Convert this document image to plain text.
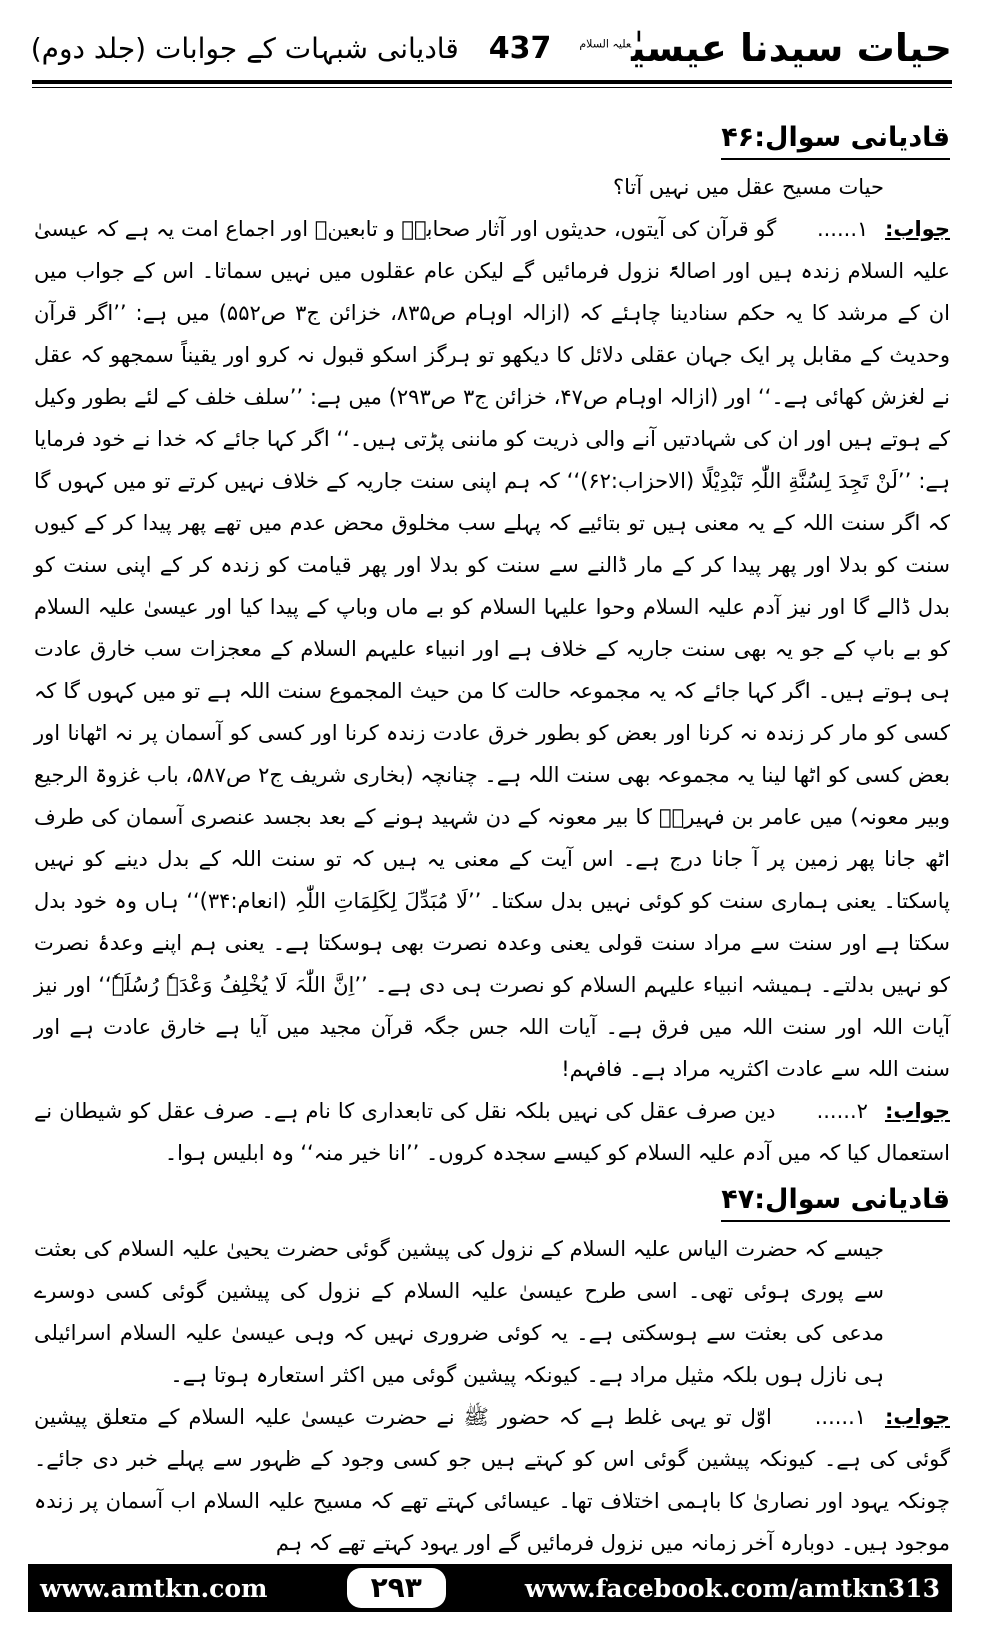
حیات سیدنا عیسیٰ$^{علیہ السلام}$
437
قادیانی شبہات کے جوابات (جلد دوم)
قادیانی سوال:۴۶

حیات مسیح عقل میں نہیں آتا؟

جواب: ۱...... گو قرآن کی آیتوں، حدیثوں اور آثار صحابہؓ و تابعینؒ اور اجماع امت یہ ہے کہ عیسیٰ علیہ السلام زندہ ہیں اور اصالۃً نزول فرمائیں گے لیکن عام عقلوں میں نہیں سماتا۔ اس کے جواب میں ان کے مرشد کا یہ حکم سنادینا چاہئے کہ (ازالہ اوہام ص۸۳۵، خزائن ج۳ ص۵۵۲) میں ہے: ’’اگر قرآن وحدیث کے مقابل پر ایک جہان عقلی دلائل کا دیکھو تو ہرگز اسکو قبول نہ کرو اور یقیناً سمجھو کہ عقل نے لغزش کھائی ہے۔‘‘ اور (ازالہ اوہام ص۴۷، خزائن ج۳ ص۲۹۳) میں ہے: ’’سلف خلف کے لئے بطور وکیل کے ہوتے ہیں اور ان کی شہادتیں آنے والی ذریت کو ماننی پڑتی ہیں۔‘‘ اگر کہا جائے کہ خدا نے خود فرمایا ہے: ’’لَنْ تَجِدَ لِسُنَّةِ اللّٰہِ تَبْدِیْلًا (الاحزاب:۶۲)‘‘ کہ ہم اپنی سنت جاریہ کے خلاف نہیں کرتے تو میں کہوں گا کہ اگر سنت اللہ کے یہ معنی ہیں تو بتائیے کہ پہلے سب مخلوق محض عدم میں تھے پھر پیدا کر کے کیوں سنت کو بدلا اور پھر پیدا کر کے مار ڈالنے سے سنت کو بدلا اور پھر قیامت کو زندہ کر کے اپنی سنت کو بدل ڈالے گا اور نیز آدم علیہ السلام وحوا علیہا السلام کو بے ماں وباپ کے پیدا کیا اور عیسیٰ علیہ السلام کو بے باپ کے جو یہ بھی سنت جاریہ کے خلاف ہے اور انبیاء علیہم السلام کے معجزات سب خارق عادت ہی ہوتے ہیں۔ اگر کہا جائے کہ یہ مجموعہ حالت کا من حیث المجموع سنت اللہ ہے تو میں کہوں گا کہ کسی کو مار کر زندہ نہ کرنا اور بعض کو بطور خرق عادت زندہ کرنا اور کسی کو آسمان پر نہ اٹھانا اور بعض کسی کو اٹھا لینا یہ مجموعہ بھی سنت اللہ ہے۔ چنانچہ (بخاری شریف ج۲ ص۵۸۷، باب غزوۃ الرجیع وبیر معونہ) میں عامر بن فہیرہؓ کا بیر معونہ کے دن شہید ہونے کے بعد بجسد عنصری آسمان کی طرف اٹھ جانا پھر زمین پر آ جانا درج ہے۔ اس آیت کے معنی یہ ہیں کہ تو سنت اللہ کے بدل دینے کو نہیں پاسکتا۔ یعنی ہماری سنت کو کوئی نہیں بدل سکتا۔ ’’لَا مُبَدِّلَ لِکَلِمَاتِ اللّٰہِ (انعام:۳۴)‘‘ ہاں وہ خود بدل سکتا ہے اور سنت سے مراد سنت قولی یعنی وعدہ نصرت بھی ہوسکتا ہے۔ یعنی ہم اپنے وعدۂ نصرت کو نہیں بدلتے۔ ہمیشہ انبیاء علیہم السلام کو نصرت ہی دی ہے۔ ’’اِنَّ اللّٰہَ لَا یُخْلِفُ وَعْدَہٗ رُسُلَہٗ‘‘ اور نیز آیات اللہ اور سنت اللہ میں فرق ہے۔ آیات اللہ جس جگہ قرآن مجید میں آیا ہے خارق عادت ہے اور سنت اللہ سے عادت اکثریہ مراد ہے۔ فافہم!

جواب: ۲...... دین صرف عقل کی نہیں بلکہ نقل کی تابعداری کا نام ہے۔ صرف عقل کو شیطان نے استعمال کیا کہ میں آدم علیہ السلام کو کیسے سجدہ کروں۔ ’’انا خیر منہ‘‘ وہ ابلیس ہوا۔

قادیانی سوال:۴۷

جیسے کہ حضرت الیاس علیہ السلام کے نزول کی پیشین گوئی حضرت یحییٰ علیہ السلام کی بعثت سے پوری ہوئی تھی۔ اسی طرح عیسیٰ علیہ السلام کے نزول کی پیشین گوئی کسی دوسرے مدعی کی بعثت سے ہوسکتی ہے۔ یہ کوئی ضروری نہیں کہ وہی عیسیٰ علیہ السلام اسرائیلی ہی نازل ہوں بلکہ مثیل مراد ہے۔ کیونکہ پیشین گوئی میں اکثر استعارہ ہوتا ہے۔

جواب: ۱...... اوّل تو یہی غلط ہے کہ حضور ﷺ نے حضرت عیسیٰ علیہ السلام کے متعلق پیشین گوئی کی ہے۔ کیونکہ پیشین گوئی اس کو کہتے ہیں جو کسی وجود کے ظہور سے پہلے خبر دی جائے۔ چونکہ یہود اور نصاریٰ کا باہمی اختلاف تھا۔ عیسائی کہتے تھے کہ مسیح علیہ السلام اب آسمان پر زندہ موجود ہیں۔ دوبارہ آخر زمانہ میں نزول فرمائیں گے اور یہود کہتے تھے کہ ہم

www.amtkn.com	۲۹۳	www.facebook.com/amtkn313
